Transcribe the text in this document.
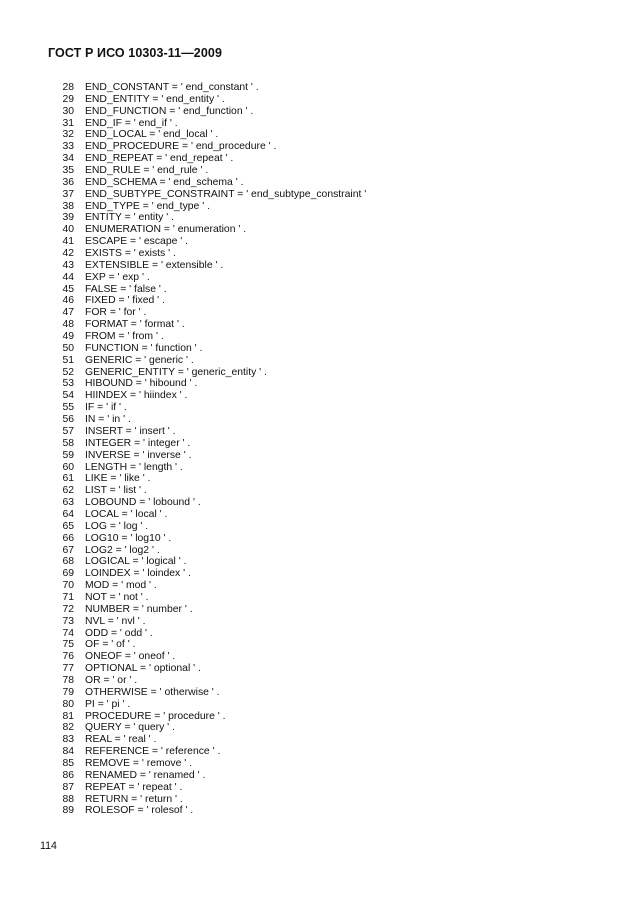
ГОСТ Р ИСО 10303-11—2009
28 END_CONSTANT = ' end_constant ' .
29 END_ENTITY = ' end_entity ' .
30 END_FUNCTION = ' end_function ' .
31 END_IF = ' end_if ' .
32 END_LOCAL = ' end_local ' .
33 END_PROCEDURE = ' end_procedure ' .
34 END_REPEAT = ' end_repeat ' .
35 END_RULE = ' end_rule ' .
36 END_SCHEMA = ' end_schema ' .
37 END_SUBTYPE_CONSTRAINT = ' end_subtype_constraint '
38 END_TYPE = ' end_type ' .
39 ENTITY = ' entity ' .
40 ENUMERATION = ' enumeration ' .
41 ESCAPE = ' escape ' .
42 EXISTS = ' exists ' .
43 EXTENSIBLE = ' extensible ' .
44 EXP = ' exp ' .
45 FALSE = ' false ' .
46 FIXED = ' fixed ' .
47 FOR = ' for ' .
48 FORMAT = ' format ' .
49 FROM = ' from ' .
50 FUNCTION = ' function ' .
51 GENERIC = ' generic ' .
52 GENERIC_ENTITY = ' generic_entity ' .
53 HIBOUND = ' hibound ' .
54 HIINDEX = ' hiindex ' .
55 IF = ' if ' .
56 IN = ' in ' .
57 INSERT = ' insert ' .
58 INTEGER = ' integer ' .
59 INVERSE = ' inverse ' .
60 LENGTH = ' length ' .
61 LIKE = ' like ' .
62 LIST = ' list ' .
63 LOBOUND = ' lobound ' .
64 LOCAL = ' local ' .
65 LOG = ' log ' .
66 LOG10 = ' log10 ' .
67 LOG2 = ' log2 ' .
68 LOGICAL = ' logical ' .
69 LOINDEX = ' loindex ' .
70 MOD = ' mod ' .
71 NOT = ' not ' .
72 NUMBER = ' number ' .
73 NVL = ' nvl ' .
74 ODD = ' odd ' .
75 OF = ' of ' .
76 ONEOF = ' oneof ' .
77 OPTIONAL = ' optional ' .
78 OR = ' or ' .
79 OTHERWISE = ' otherwise ' .
80 PI = ' pi ' .
81 PROCEDURE = ' procedure ' .
82 QUERY = ' query ' .
83 REAL = ' real ' .
84 REFERENCE = ' reference ' .
85 REMOVE = ' remove ' .
86 RENAMED = ' renamed ' .
87 REPEAT = ' repeat ' .
88 RETURN = ' return ' .
89 ROLESOF = ' rolesof ' .
114
